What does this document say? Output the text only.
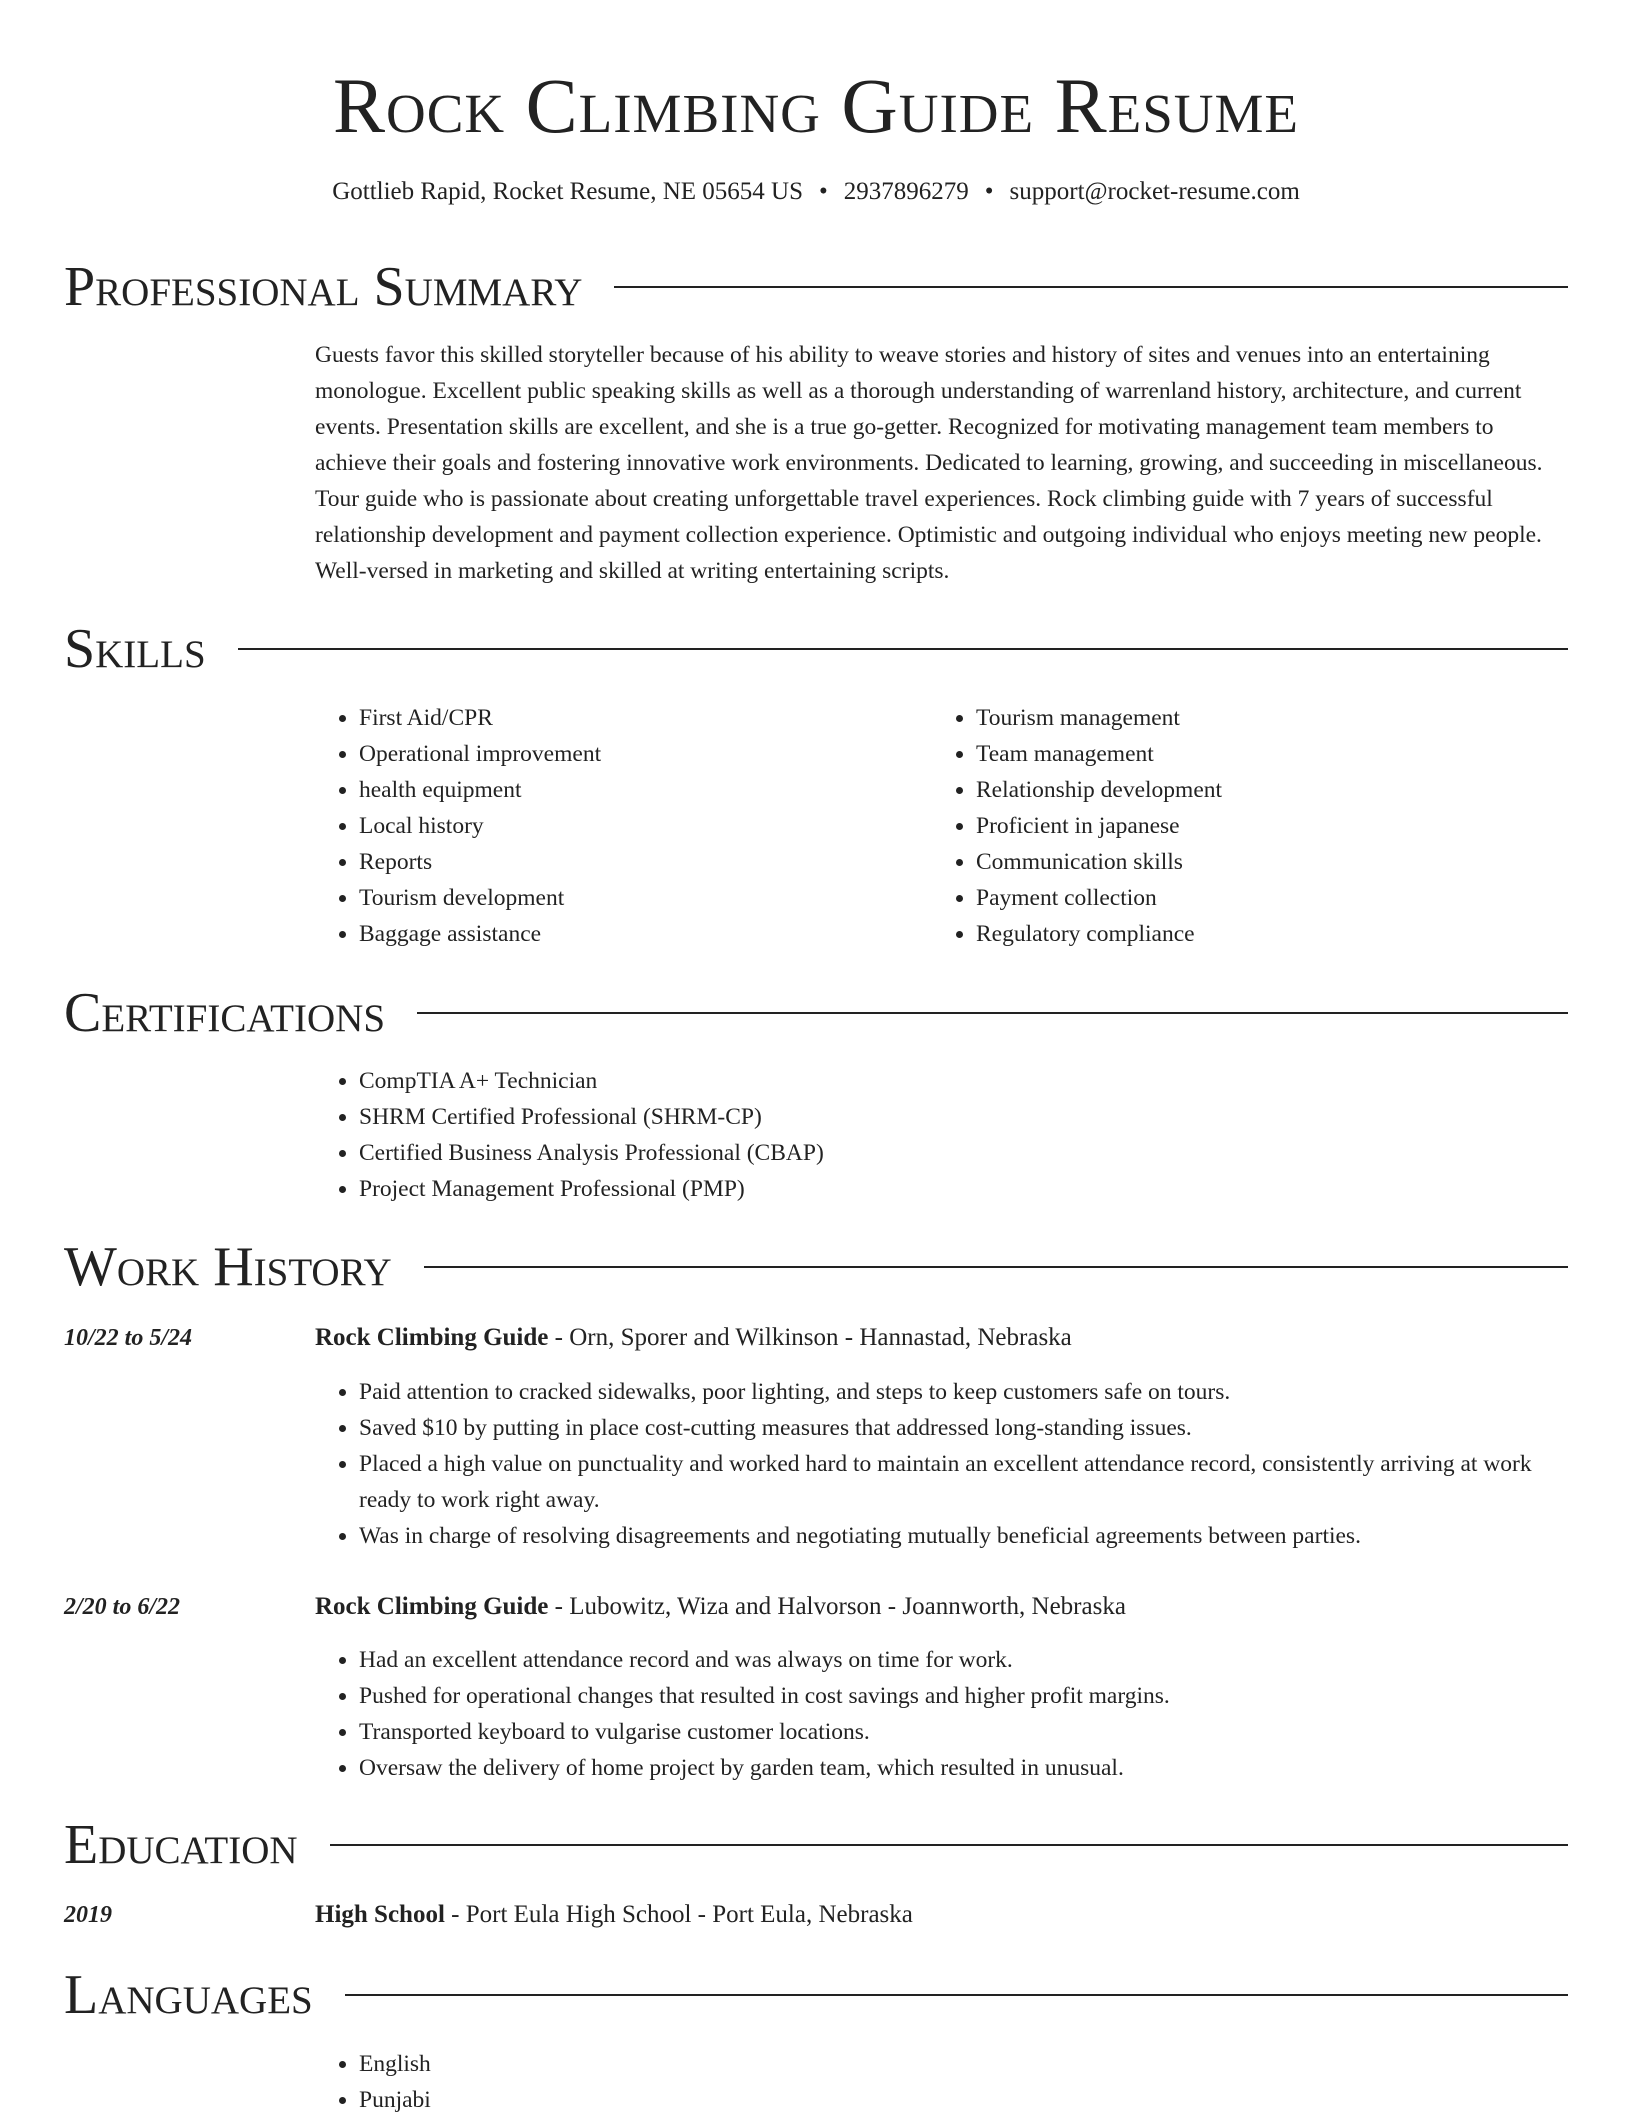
Rock Climbing Guide Resume
Gottlieb Rapid, Rocket Resume, NE 05654 US • 2937896279 • support@rocket-resume.com
Professional Summary

Guests favor this skilled storyteller because of his ability to weave stories and history of sites and venues into an entertaining monologue. Excellent public speaking skills as well as a thorough understanding of warrenland history, architecture, and current events. Presentation skills are excellent, and she is a true go-getter. Recognized for motivating management team members to achieve their goals and fostering innovative work environments. Dedicated to learning, growing, and succeeding in miscellaneous. Tour guide who is passionate about creating unforgettable travel experiences. Rock climbing guide with 7 years of successful relationship development and payment collection experience. Optimistic and outgoing individual who enjoys meeting new people. Well-versed in marketing and skilled at writing entertaining scripts.

Skills
• First Aid/CPR
• Operational improvement
• health equipment
• Local history
• Reports
• Tourism development
• Baggage assistance
• Tourism management
• Team management
• Relationship development
• Proficient in japanese
• Communication skills
• Payment collection
• Regulatory compliance
Certifications
• CompTIA A+ Technician
• SHRM Certified Professional (SHRM-CP)
• Certified Business Analysis Professional (CBAP)
• Project Management Professional (PMP)
Work History
10/22 to 5/24	Rock Climbing Guide - Orn, Sporer and Wilkinson - Hannastad, Nebraska
• Paid attention to cracked sidewalks, poor lighting, and steps to keep customers safe on tours.
• Saved $10 by putting in place cost-cutting measures that addressed long-standing issues.
• Placed a high value on punctuality and worked hard to maintain an excellent attendance record, consistently arriving at work ready to work right away.
• Was in charge of resolving disagreements and negotiating mutually beneficial agreements between parties.
2/20 to 6/22	Rock Climbing Guide - Lubowitz, Wiza and Halvorson - Joannworth, Nebraska
• Had an excellent attendance record and was always on time for work.
• Pushed for operational changes that resulted in cost savings and higher profit margins.
• Transported keyboard to vulgarise customer locations.
• Oversaw the delivery of home project by garden team, which resulted in unusual.
Education
2019	High School - Port Eula High School - Port Eula, Nebraska
Languages
• English
• Punjabi
